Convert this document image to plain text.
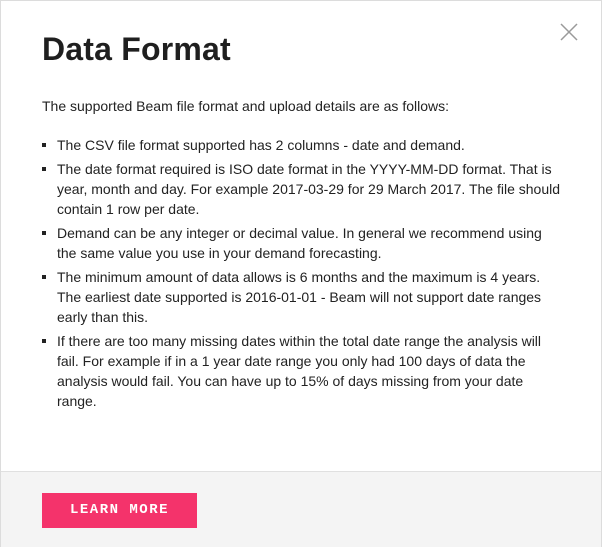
Data Format

The supported Beam file format and upload details are as follows:

The CSV file format supported has 2 columns - date and demand.
The date format required is ISO date format in the YYYY-MM-DD format. That is year, month and day. For example 2017-03-29 for 29 March 2017. The file should contain 1 row per date.
Demand can be any integer or decimal value. In general we recommend using the same value you use in your demand forecasting.
The minimum amount of data allows is 6 months and the maximum is 4 years. The earliest date supported is 2016-01-01 - Beam will not support date ranges early than this.
If there are too many missing dates within the total date range the analysis will fail. For example if in a 1 year date range you only had 100 days of data the analysis would fail. You can have up to 15% of days missing from your date range.
LEARN MORE
